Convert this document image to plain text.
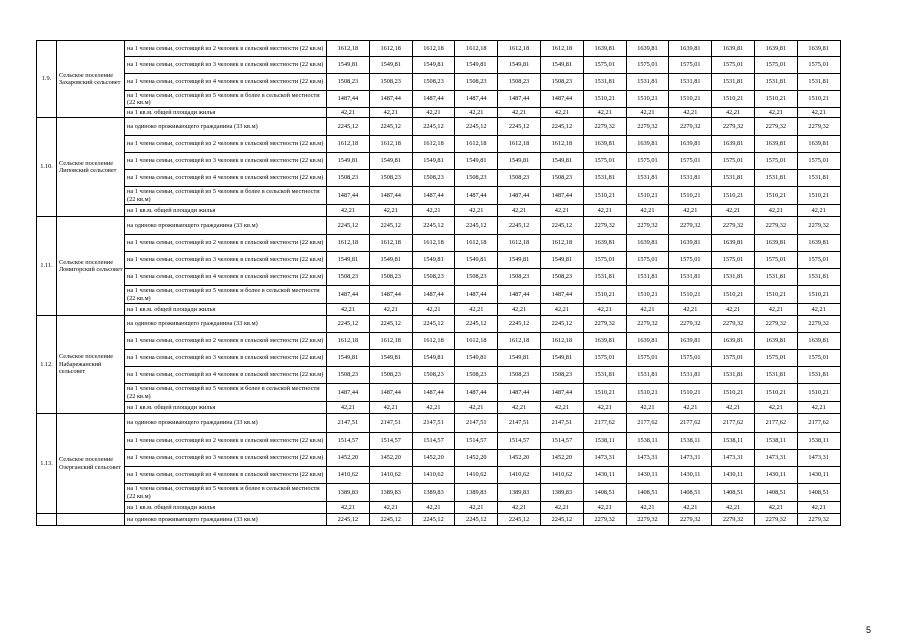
1.9.	Сельское поселение Захаровский сельсовет	на 1 члена семьи, состоящей из 2 человек в сельской местности (22 кв.м)	1612,18	1612,18	1612,18	1612,18	1612,18	1612,18	1639,81	1639,81	1639,81	1639,81	1639,81	1639,81
		на 1 члена семьи, состоящей из 3 человек в сельской местности (22 кв.м)	1549,81	1549,81	1549,81	1549,81	1549,81	1549,81	1575,01	1575,01	1575,01	1575,01	1575,01	1575,01
		на 1 члена семьи, состоящей из 4 человек в сельской местности (22 кв.м)	1508,23	1508,23	1508,23	1508,23	1508,23	1508,23	1531,81	1531,81	1531,81	1531,81	1531,81	1531,81
		на 1 члена семьи, состоящей из 5 человек и более в сельской местности (22 кв.м)	1487,44	1487,44	1487,44	1487,44	1487,44	1487,44	1510,21	1510,21	1510,21	1510,21	1510,21	1510,21
		на 1 кв.м. общей площади жилья	42,21	42,21	42,21	42,21	42,21	42,21	42,21	42,21	42,21	42,21	42,21	42,21
1.10.	Сельское поселение Липовский сельсовет	на одиноко проживающего гражданина (33 кв.м)	2245,12	2245,12	2245,12	2245,12	2245,12	2245,12	2279,32	2279,32	2279,32	2279,32	2279,32	2279,32
		на 1 члена семьи, состоящей из 2 человек в сельской местности (22 кв.м)	1612,18	1612,18	1612,18	1612,18	1612,18	1612,18	1639,81	1639,81	1639,81	1639,81	1639,81	1639,81
		на 1 члена семьи, состоящей из 3 человек в сельской местности (22 кв.м)	1549,81	1549,81	1549,81	1549,81	1549,81	1549,81	1575,01	1575,01	1575,01	1575,01	1575,01	1575,01
		на 1 члена семьи, состоящей из 4 человек в сельской местности (22 кв.м)	1508,23	1508,23	1508,23	1508,23	1508,23	1508,23	1531,81	1531,81	1531,81	1531,81	1531,81	1531,81
		на 1 члена семьи, состоящей из 5 человек и более в сельской местности (22 кв.м)	1487,44	1487,44	1487,44	1487,44	1487,44	1487,44	1510,21	1510,21	1510,21	1510,21	1510,21	1510,21
		на 1 кв.м. общей площади жилья	42,21	42,21	42,21	42,21	42,21	42,21	42,21	42,21	42,21	42,21	42,21	42,21
1.11.	Сельское поселение Ломигорский сельсовет	на одиноко проживающего гражданина (33 кв.м)	2245,12	2245,12	2245,12	2245,12	2245,12	2245,12	2279,32	2279,32	2279,32	2279,32	2279,32	2279,32
		на 1 члена семьи, состоящей из 2 человек в сельской местности (22 кв.м)	1612,18	1612,18	1612,18	1612,18	1612,18	1612,18	1639,81	1639,81	1639,81	1639,81	1639,81	1639,81
		на 1 члена семьи, состоящей из 3 человек в сельской местности (22 кв.м)	1549,81	1549,81	1549,81	1549,81	1549,81	1549,81	1575,01	1575,01	1575,01	1575,01	1575,01	1575,01
		на 1 члена семьи, состоящей из 4 человек в сельской местности (22 кв.м)	1508,23	1508,23	1508,23	1508,23	1508,23	1508,23	1531,81	1531,81	1531,81	1531,81	1531,81	1531,81
		на 1 члена семьи, состоящей из 5 человек и более в сельской местности (22 кв.м)	1487,44	1487,44	1487,44	1487,44	1487,44	1487,44	1510,21	1510,21	1510,21	1510,21	1510,21	1510,21
		на 1 кв.м. общей площади жилья	42,21	42,21	42,21	42,21	42,21	42,21	42,21	42,21	42,21	42,21	42,21	42,21
1.12.	Сельское поселение Набарежанский сельсовет	на одиноко проживающего гражданина (33 кв.м)	2245,12	2245,12	2245,12	2245,12	2245,12	2245,12	2279,32	2279,32	2279,32	2279,32	2279,32	2279,32
		на 1 члена семьи, состоящей из 2 человек в сельской местности (22 кв.м)	1612,18	1612,18	1612,18	1612,18	1612,18	1612,18	1639,81	1639,81	1639,81	1639,81	1639,81	1639,81
		на 1 члена семьи, состоящей из 3 человек в сельской местности (22 кв.м)	1549,81	1549,81	1549,81	1549,81	1549,81	1549,81	1575,01	1575,01	1575,01	1575,01	1575,01	1575,01
		на 1 члена семьи, состоящей из 4 человек в сельской местности (22 кв.м)	1508,23	1508,23	1508,23	1508,23	1508,23	1508,23	1531,81	1531,81	1531,81	1531,81	1531,81	1531,81
		на 1 члена семьи, состоящей из 5 человек и более в сельской местности (22 кв.м)	1487,44	1487,44	1487,44	1487,44	1487,44	1487,44	1510,21	1510,21	1510,21	1510,21	1510,21	1510,21
		на 1 кв.м. общей площади жилья	42,21	42,21	42,21	42,21	42,21	42,21	42,21	42,21	42,21	42,21	42,21	42,21
1.13.	Сельское поселение Озерганский сельсовет	на одиноко проживающего гражданина (33 кв.м)	2147,51	2147,51	2147,51	2147,51	2147,51	2147,51	2177,62	2177,62	2177,62	2177,62	2177,62	2177,62
		на 1 члена семьи, состоящей из 2 человек в сельской местности (22 кв.м)	1514,57	1514,57	1514,57	1514,57	1514,57	1514,57	1538,11	1538,11	1538,11	1538,11	1538,11	1538,11
		на 1 члена семьи, состоящей из 3 человек в сельской местности (22 кв.м)	1452,20	1452,20	1452,20	1452,20	1452,20	1452,20	1473,31	1473,31	1473,31	1473,31	1473,31	1473,31
		на 1 члена семьи, состоящей из 4 человек в сельской местности (22 кв.м)	1410,62	1410,62	1410,62	1410,62	1410,62	1410,62	1430,11	1430,11	1430,11	1430,11	1430,11	1430,11
		на 1 члена семьи, состоящей из 5 человек и более в сельской местности (22 кв.м)	1389,83	1389,83	1389,83	1389,83	1389,83	1389,83	1408,51	1408,51	1408,51	1408,51	1408,51	1408,51
		на 1 кв.м. общей площади жилья	42,21	42,21	42,21	42,21	42,21	42,21	42,21	42,21	42,21	42,21	42,21	42,21
		на одиноко проживающего гражданина (33 кв.м)	2245,12	2245,12	2245,12	2245,12	2245,12	2245,12	2279,32	2279,32	2279,32	2279,32	2279,32	2279,32
5
